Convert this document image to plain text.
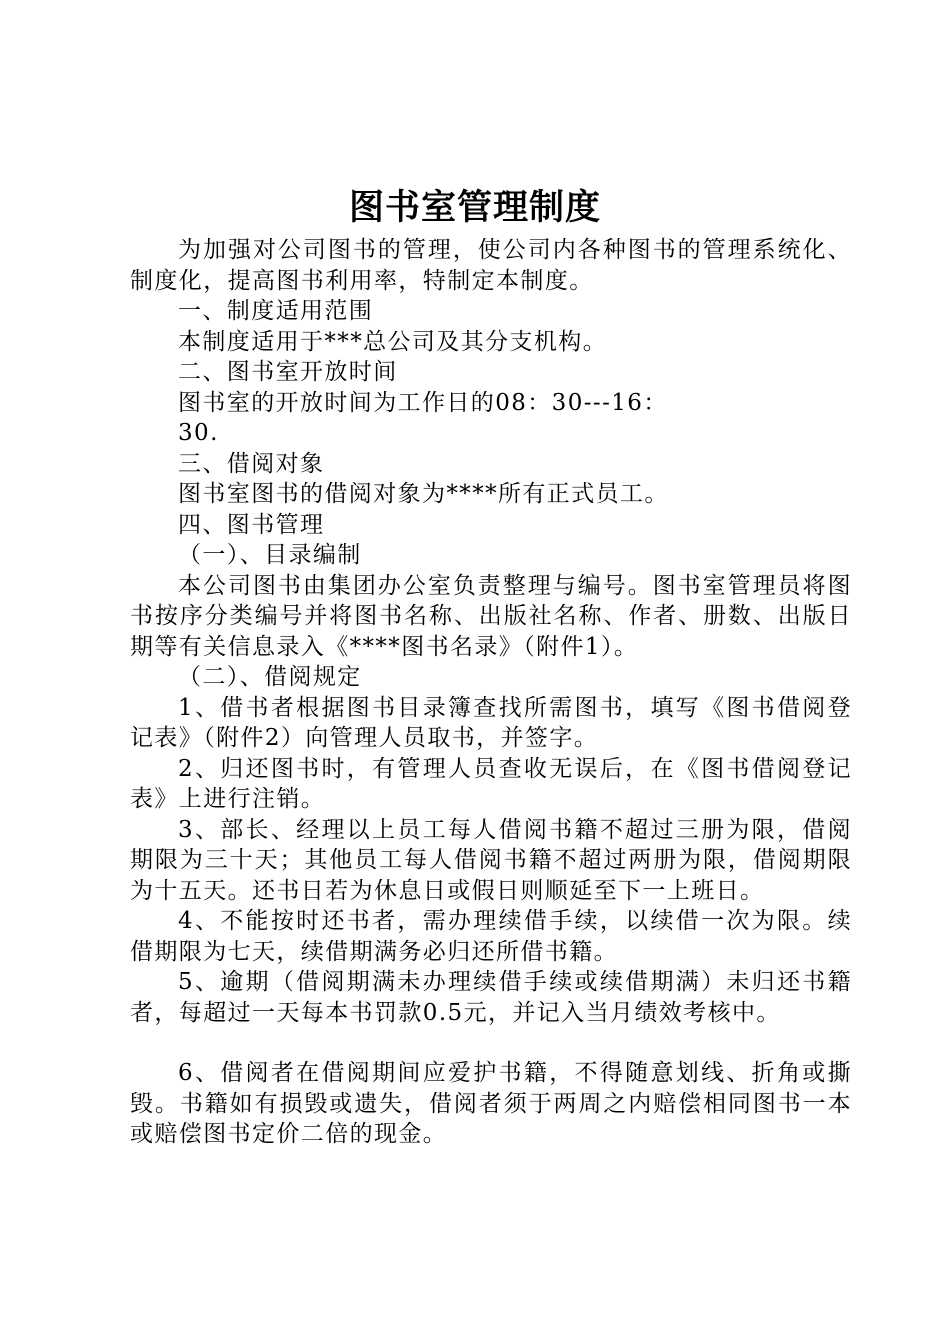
图书室管理制度

为加强对公司图书的管理，使公司内各种图书的管理系统化、制度化，提高图书利用率，特制定本制度。

一、制度适用范围

本制度适用于***总公司及其分支机构。

二、图书室开放时间

图书室的开放时间为工作日的08：30---16：

30.

三、借阅对象

图书室图书的借阅对象为****所有正式员工。

四、图书管理

（一）、目录编制

本公司图书由集团办公室负责整理与编号。图书室管理员将图书按序分类编号并将图书名称、出版社名称、作者、册数、出版日期等有关信息录入《****图书名录》（附件1）。

（二）、借阅规定

1、借书者根据图书目录簿查找所需图书，填写《图书借阅登记表》（附件2）向管理人员取书，并签字。

2、归还图书时，有管理人员查收无误后，在《图书借阅登记表》上进行注销。

3、部长、经理以上员工每人借阅书籍不超过三册为限，借阅期限为三十天；其他员工每人借阅书籍不超过两册为限，借阅期限为十五天。还书日若为休息日或假日则顺延至下一上班日。

4、不能按时还书者，需办理续借手续，以续借一次为限。续借期限为七天，续借期满务必归还所借书籍。

5、逾期（借阅期满未办理续借手续或续借期满）未归还书籍者，每超过一天每本书罚款0.5元，并记入当月绩效考核中。

6、借阅者在借阅期间应爱护书籍，不得随意划线、折角或撕毁。书籍如有损毁或遗失，借阅者须于两周之内赔偿相同图书一本或赔偿图书定价二倍的现金。
